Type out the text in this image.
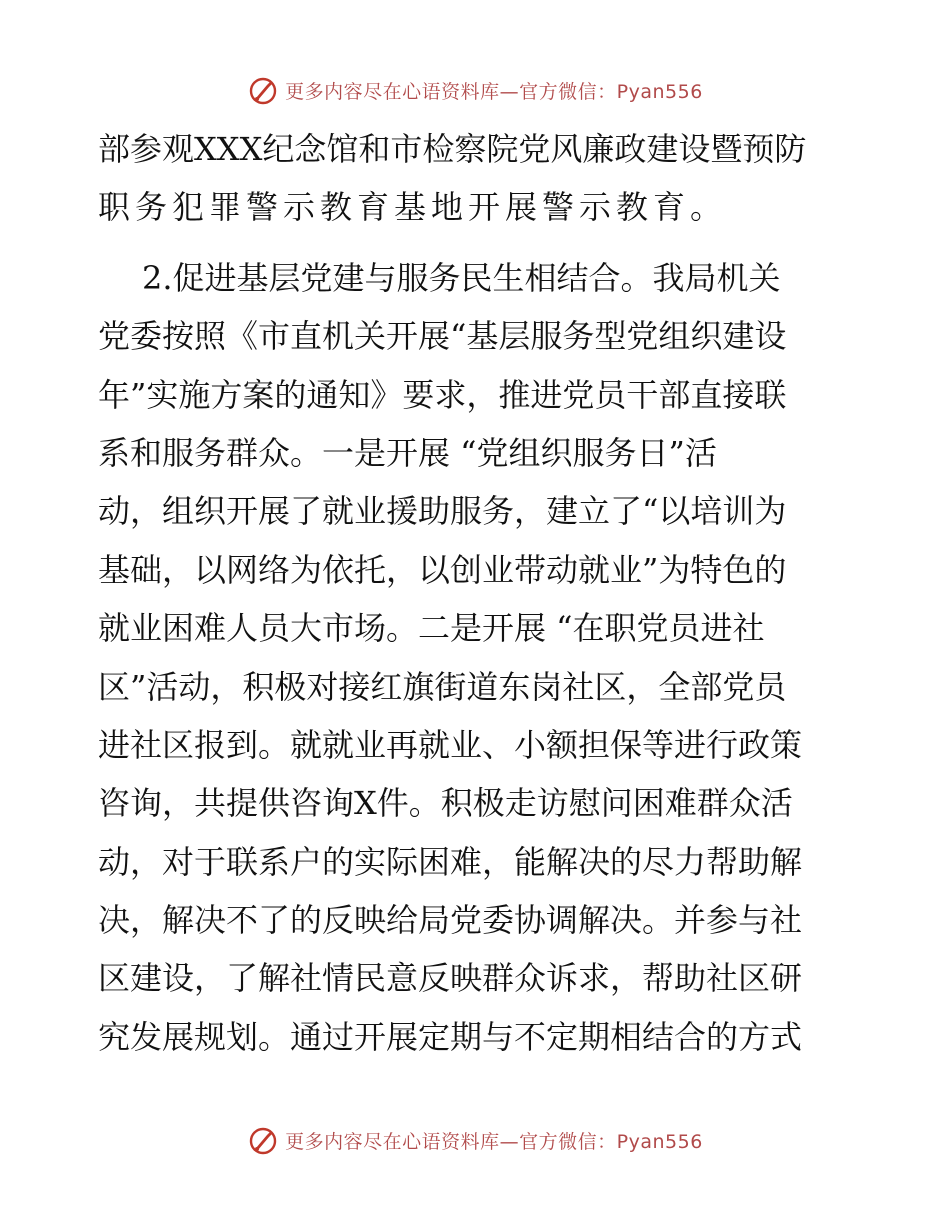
更多内容尽在心语资料库—官方微信：Pyan556
部参观XXX纪念馆和市检察院党风廉政建设暨预防
职务犯罪警示教育基地开展警示教育。
2.促进基层党建与服务民生相结合。我局机关
党委按照《市直机关开展“基层服务型党组织建设
年”实施方案的通知》要求，推进党员干部直接联
系和服务群众。一是开展 “党组织服务日”活
动，组织开展了就业援助服务，建立了“以培训为
基础，以网络为依托，以创业带动就业”为特色的
就业困难人员大市场。二是开展 “在职党员进社
区”活动，积极对接红旗街道东岗社区，全部党员
进社区报到。就就业再就业、小额担保等进行政策
咨询，共提供咨询X件。积极走访慰问困难群众活
动，对于联系户的实际困难，能解决的尽力帮助解
决，解决不了的反映给局党委协调解决。并参与社
区建设，了解社情民意反映群众诉求，帮助社区研
究发展规划。通过开展定期与不定期相结合的方式
更多内容尽在心语资料库—官方微信：Pyan556
